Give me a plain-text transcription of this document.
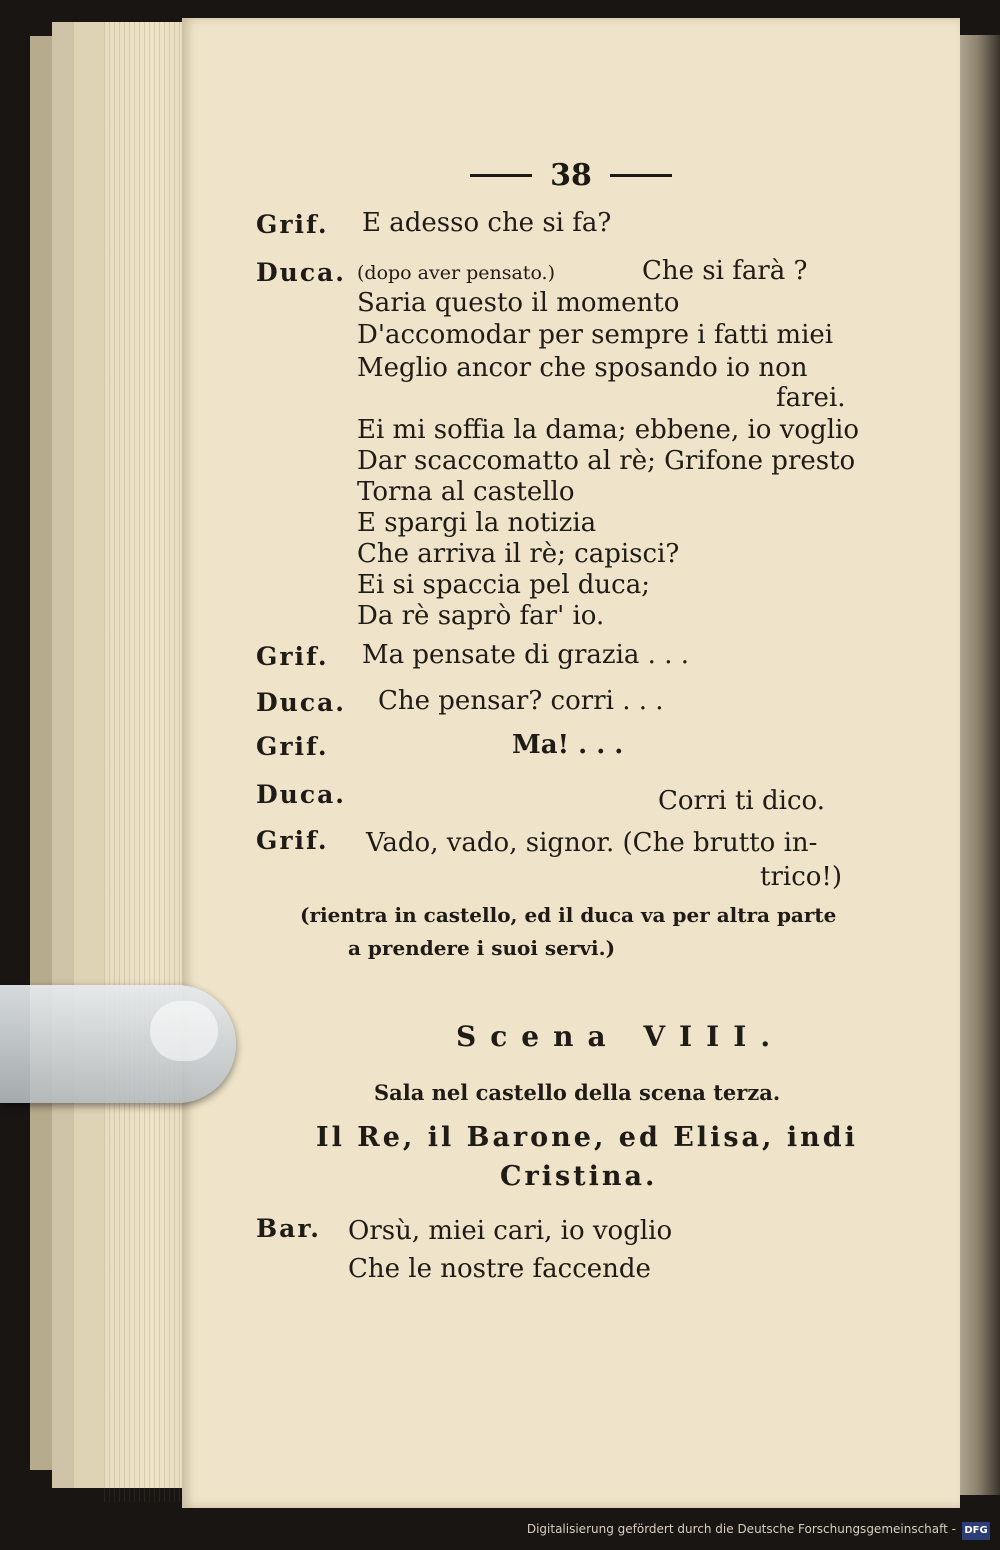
38
Grif. E adesso che si fa?
Duca. (dopo aver pensato.)	Che si farà ?
Saria questo il momento
D'accomodar per sempre i fatti miei
Meglio ancor che sposando io non
farei.
Ei mi soffia la dama; ebbene, io voglio
Dar scaccomatto al rè; Grifone presto
Torna al castello
E spargi la notizia
Che arriva il rè; capisci?
Ei si spaccia pel duca;
Da rè saprò far' io.
Grif. Ma pensate di grazia . . .
Duca. Che pensar? corri . . .
Grif.	Ma! . . .
Duca.	Corri ti dico.
Grif. Vado, vado, signor. (Che brutto in-
trico!)
(rientra in castello, ed il duca va per altra parte
a prendere i suoi servi.)
Scena VIII.
Sala nel castello della scena terza.
Il Re, il Barone, ed Elisa, indi
Cristina.
Bar. Orsù, miei cari, io voglio
Che le nostre faccende
Digitalisierung gefördert durch die Deutsche Forschungsgemeinschaft - DFG
